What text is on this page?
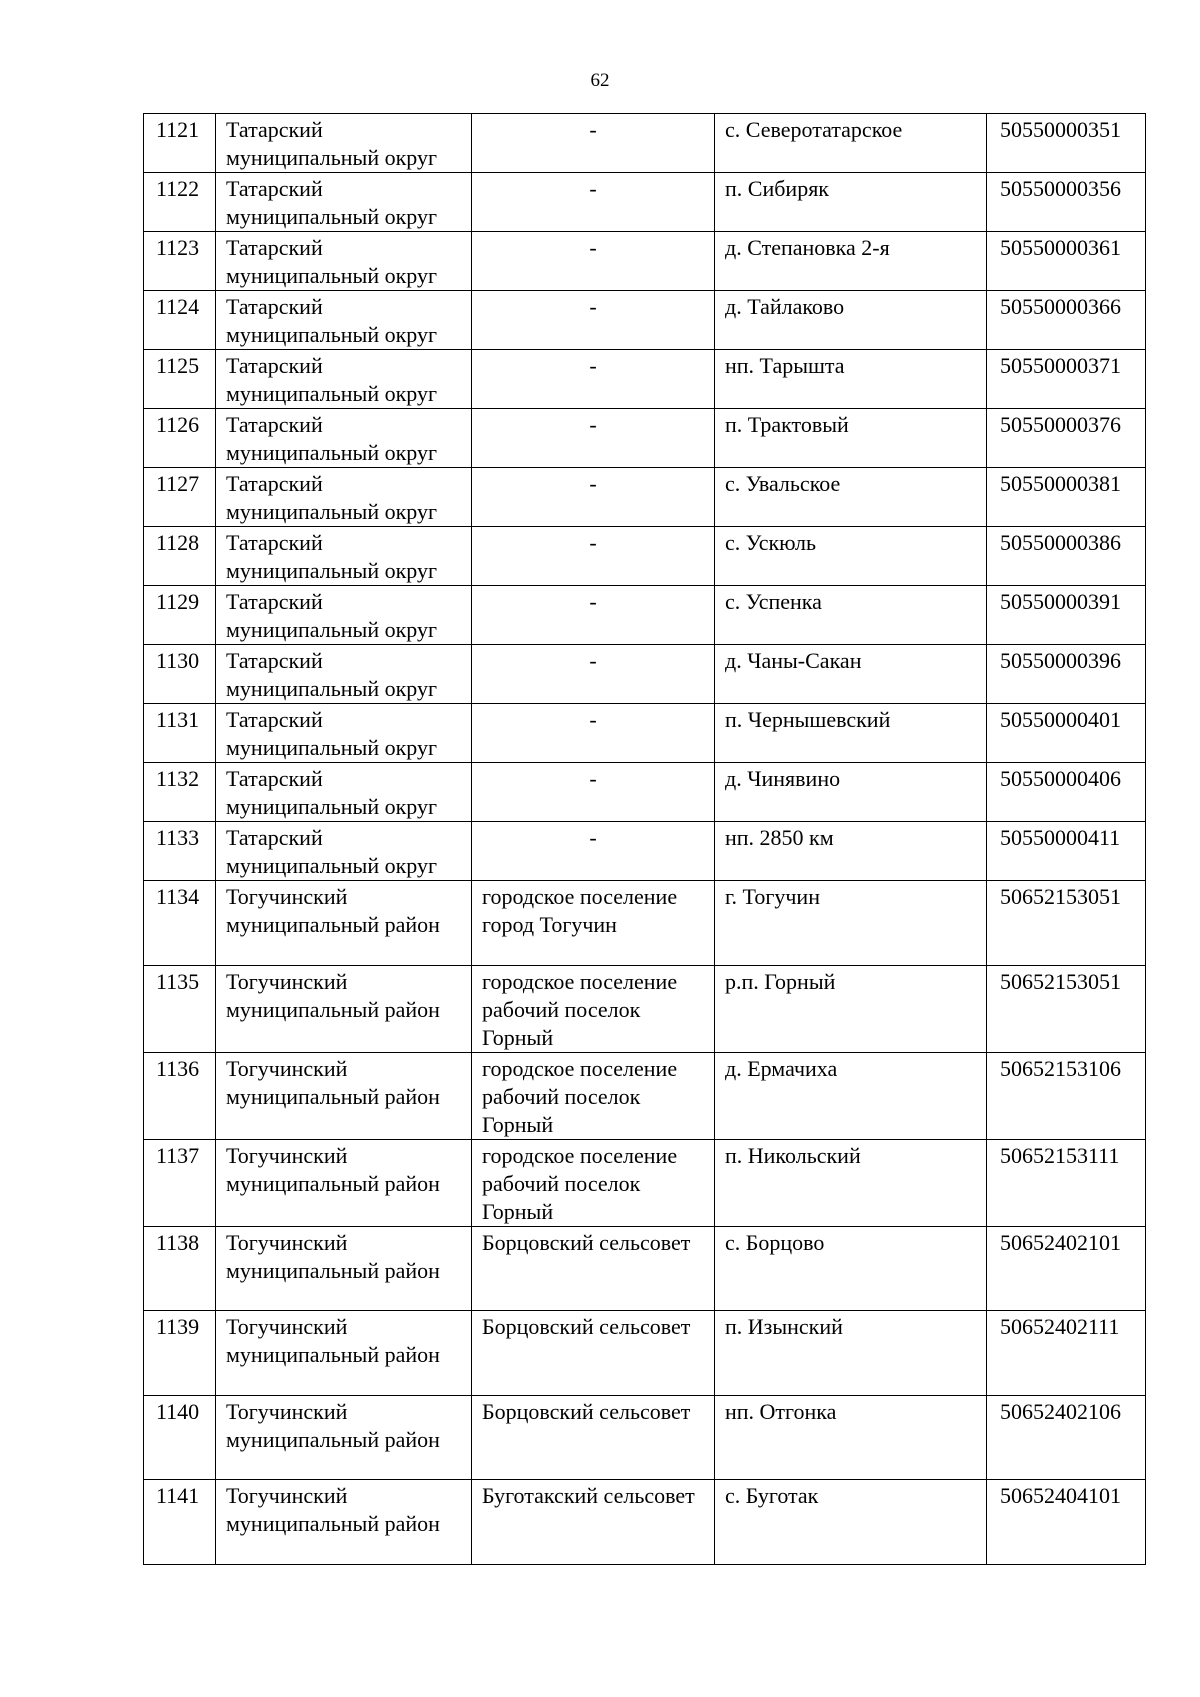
62
1121	Татарский муниципальный округ	-	с. Северотатарское	50550000351
1122	Татарский муниципальный округ	-	п. Сибиряк	50550000356
1123	Татарский муниципальный округ	-	д. Степановка 2-я	50550000361
1124	Татарский муниципальный округ	-	д. Тайлаково	50550000366
1125	Татарский муниципальный округ	-	нп. Тарышта	50550000371
1126	Татарский муниципальный округ	-	п. Трактовый	50550000376
1127	Татарский муниципальный округ	-	с. Увальское	50550000381
1128	Татарский муниципальный округ	-	с. Ускюль	50550000386
1129	Татарский муниципальный округ	-	с. Успенка	50550000391
1130	Татарский муниципальный округ	-	д. Чаны-Сакан	50550000396
1131	Татарский муниципальный округ	-	п. Чернышевский	50550000401
1132	Татарский муниципальный округ	-	д. Чинявино	50550000406
1133	Татарский муниципальный округ	-	нп. 2850 км	50550000411
1134	Тогучинский муниципальный район	городское поселение город Тогучин	г. Тогучин	50652153051
1135	Тогучинский муниципальный район	городское поселение рабочий поселок Горный	р.п. Горный	50652153051
1136	Тогучинский муниципальный район	городское поселение рабочий поселок Горный	д. Ермачиха	50652153106
1137	Тогучинский муниципальный район	городское поселение рабочий поселок Горный	п. Никольский	50652153111
1138	Тогучинский муниципальный район	Борцовский сельсовет	с. Борцово	50652402101
1139	Тогучинский муниципальный район	Борцовский сельсовет	п. Изынский	50652402111
1140	Тогучинский муниципальный район	Борцовский сельсовет	нп. Отгонка	50652402106
1141	Тогучинский муниципальный район	Буготакский сельсовет	с. Буготак	50652404101
